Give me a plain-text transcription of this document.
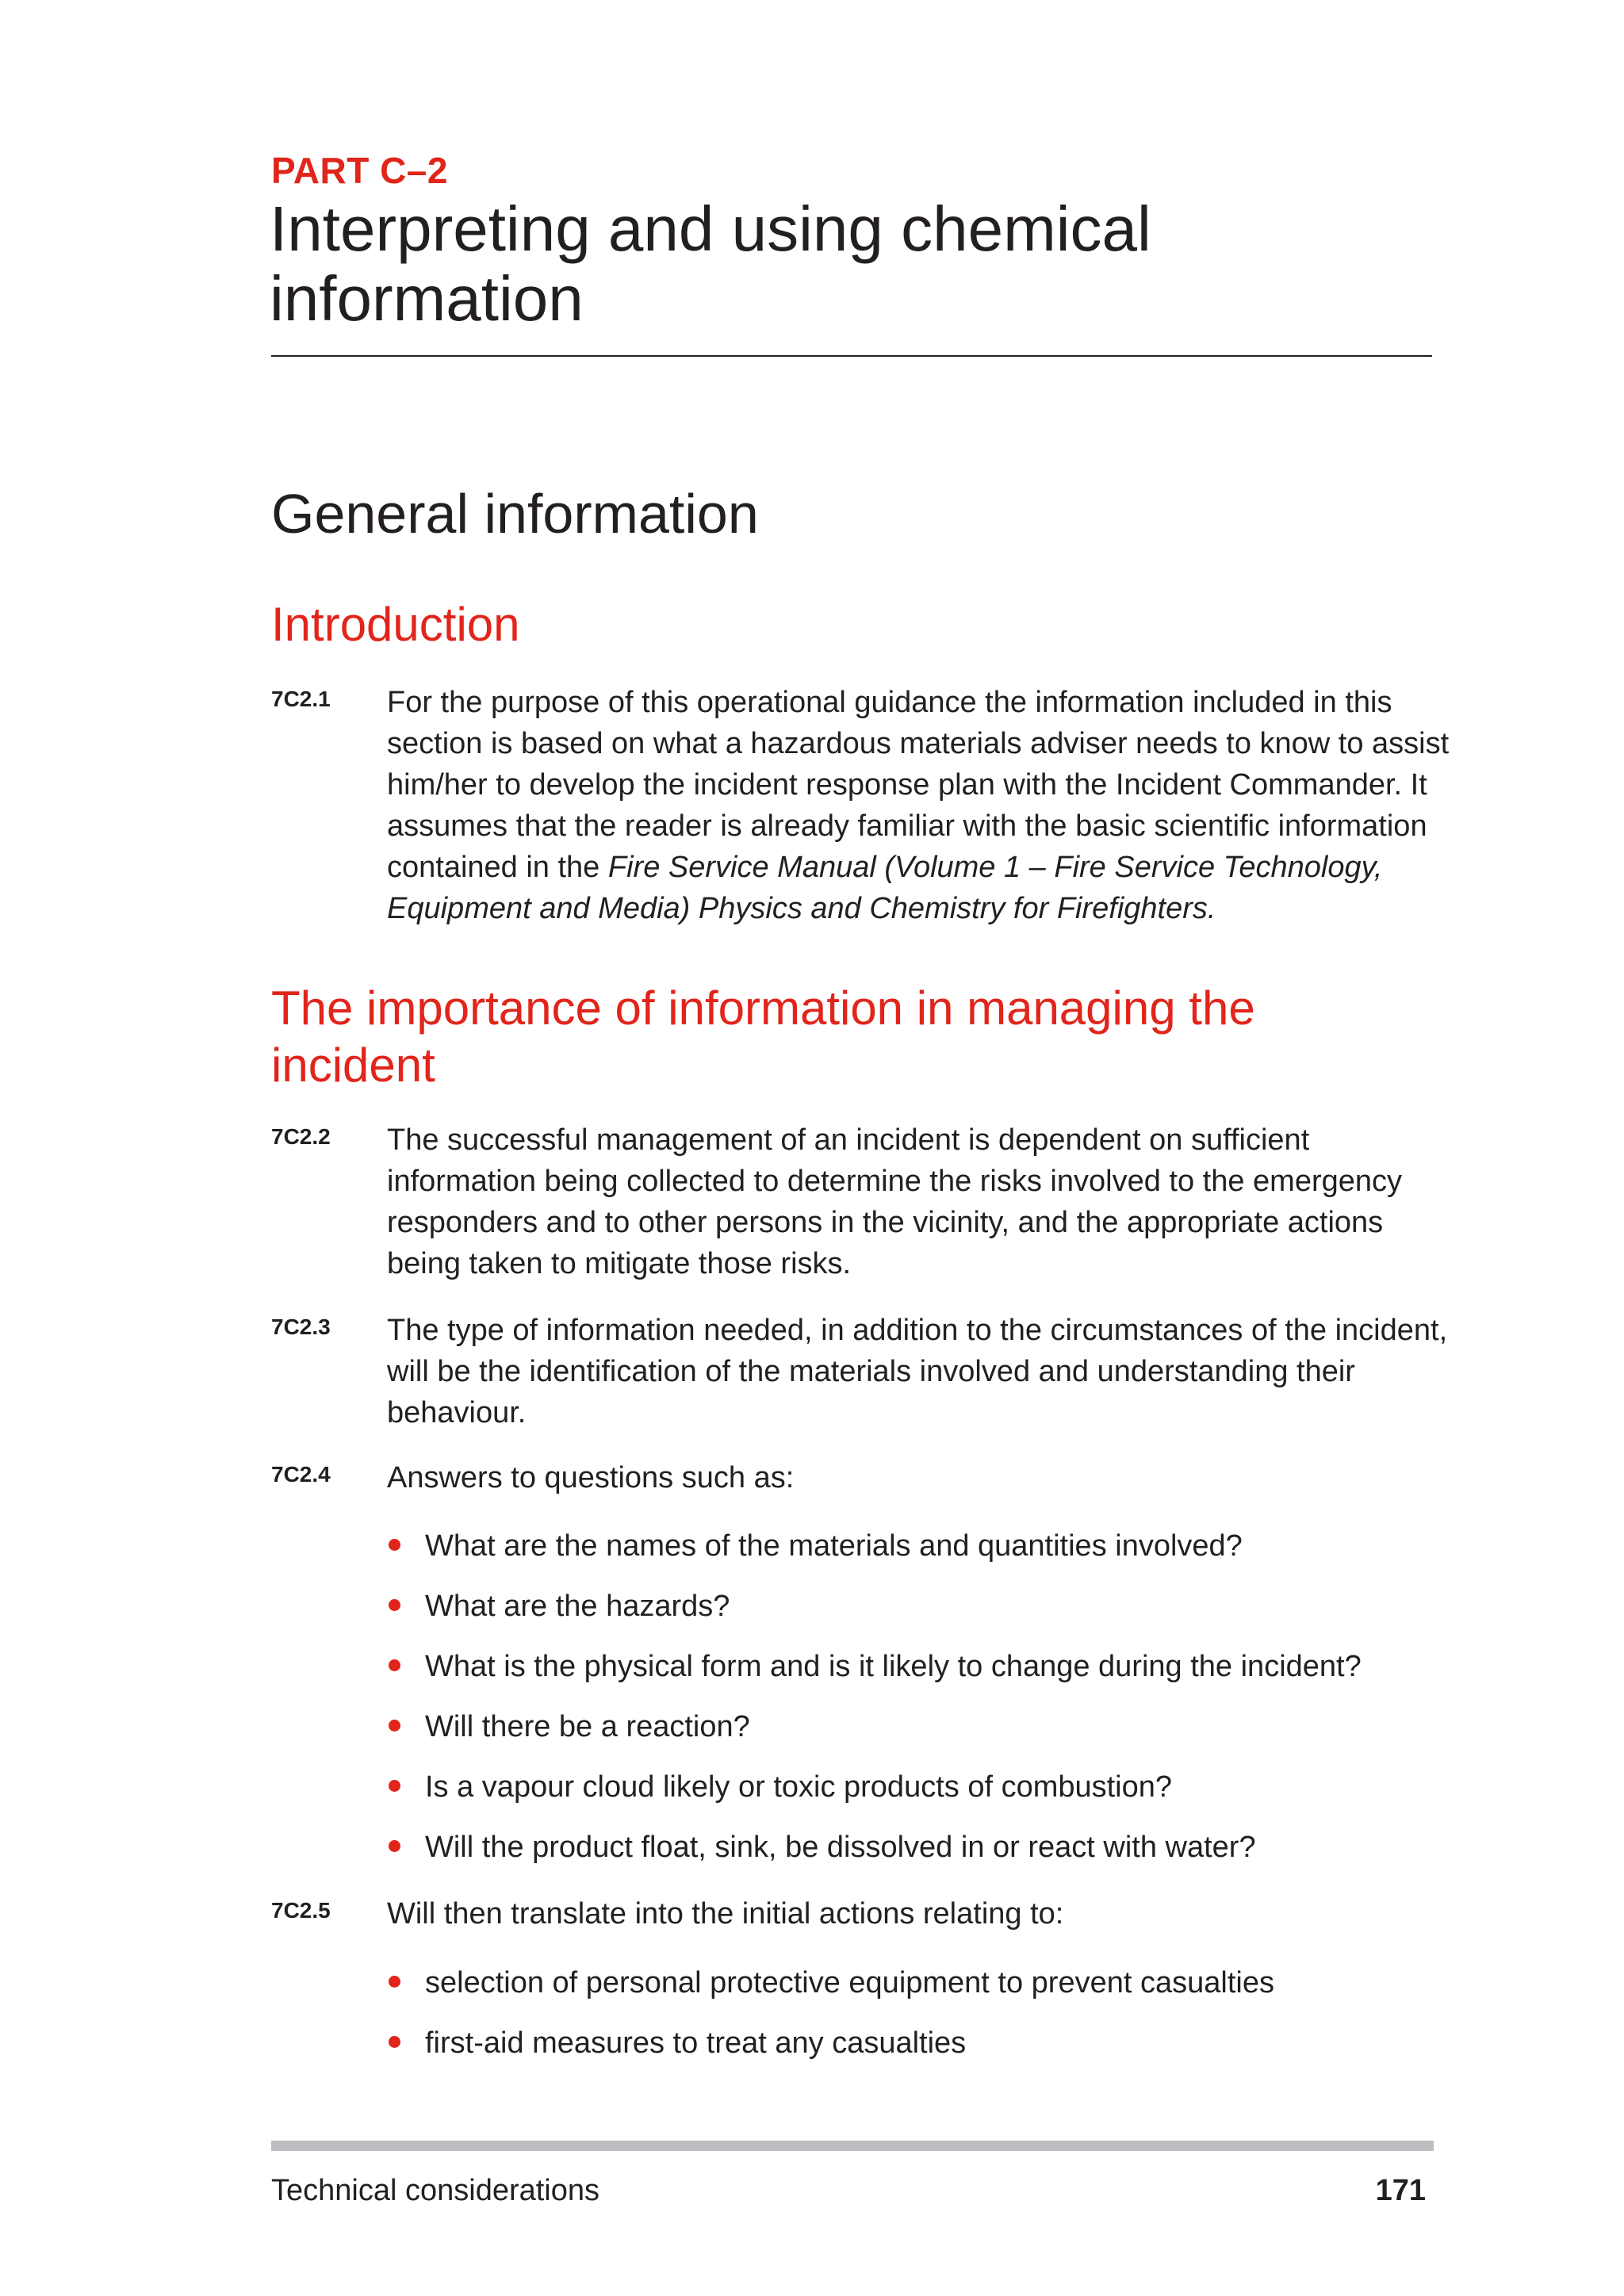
PART C–2
Interpreting and using chemical information
General information
Introduction
7C2.1 For the purpose of this operational guidance the information included in this section is based on what a hazardous materials adviser needs to know to assist him/her to develop the incident response plan with the Incident Commander. It assumes that the reader is already familiar with the basic scientific information contained in the Fire Service Manual (Volume 1 – Fire Service Technology, Equipment and Media) Physics and Chemistry for Firefighters.
The importance of information in managing the incident
7C2.2 The successful management of an incident is dependent on sufficient information being collected to determine the risks involved to the emergency responders and to other persons in the vicinity, and the appropriate actions being taken to mitigate those risks.
7C2.3 The type of information needed, in addition to the circumstances of the incident, will be the identification of the materials involved and understanding their behaviour.
7C2.4 Answers to questions such as:
What are the names of the materials and quantities involved?
What are the hazards?
What is the physical form and is it likely to change during the incident?
Will there be a reaction?
Is a vapour cloud likely or toxic products of combustion?
Will the product float, sink, be dissolved in or react with water?
7C2.5 Will then translate into the initial actions relating to:
selection of personal protective equipment to prevent casualties
first-aid measures to treat any casualties
Technical considerations	171
